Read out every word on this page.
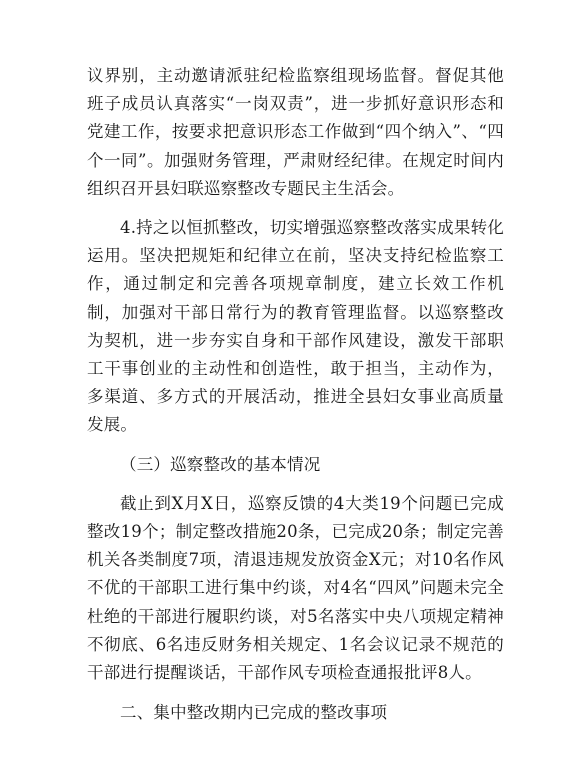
议界别，主动邀请派驻纪检监察组现场监督。督促其他班子成员认真落实“一岗双责”，进一步抓好意识形态和党建工作，按要求把意识形态工作做到“四个纳入”、“四个一同”。加强财务管理，严肃财经纪律。在规定时间内组织召开县妇联巡察整改专题民主生活会。

4.持之以恒抓整改，切实增强巡察整改落实成果转化运用。坚决把规矩和纪律立在前，坚决支持纪检监察工作，通过制定和完善各项规章制度，建立长效工作机制，加强对干部日常行为的教育管理监督。以巡察整改为契机，进一步夯实自身和干部作风建设，激发干部职工干事创业的主动性和创造性，敢于担当，主动作为，多渠道、多方式的开展活动，推进全县妇女事业高质量发展。

（三）巡察整改的基本情况

截止到X月X日，巡察反馈的4大类19个问题已完成整改19个；制定整改措施20条，已完成20条；制定完善机关各类制度7项，清退违规发放资金X元；对10名作风不优的干部职工进行集中约谈，对4名“四风”问题未完全杜绝的干部进行履职约谈，对5名落实中央八项规定精神不彻底、6名违反财务相关规定、1名会议记录不规范的干部进行提醒谈话，干部作风专项检查通报批评8人。

二、集中整改期内已完成的整改事项
